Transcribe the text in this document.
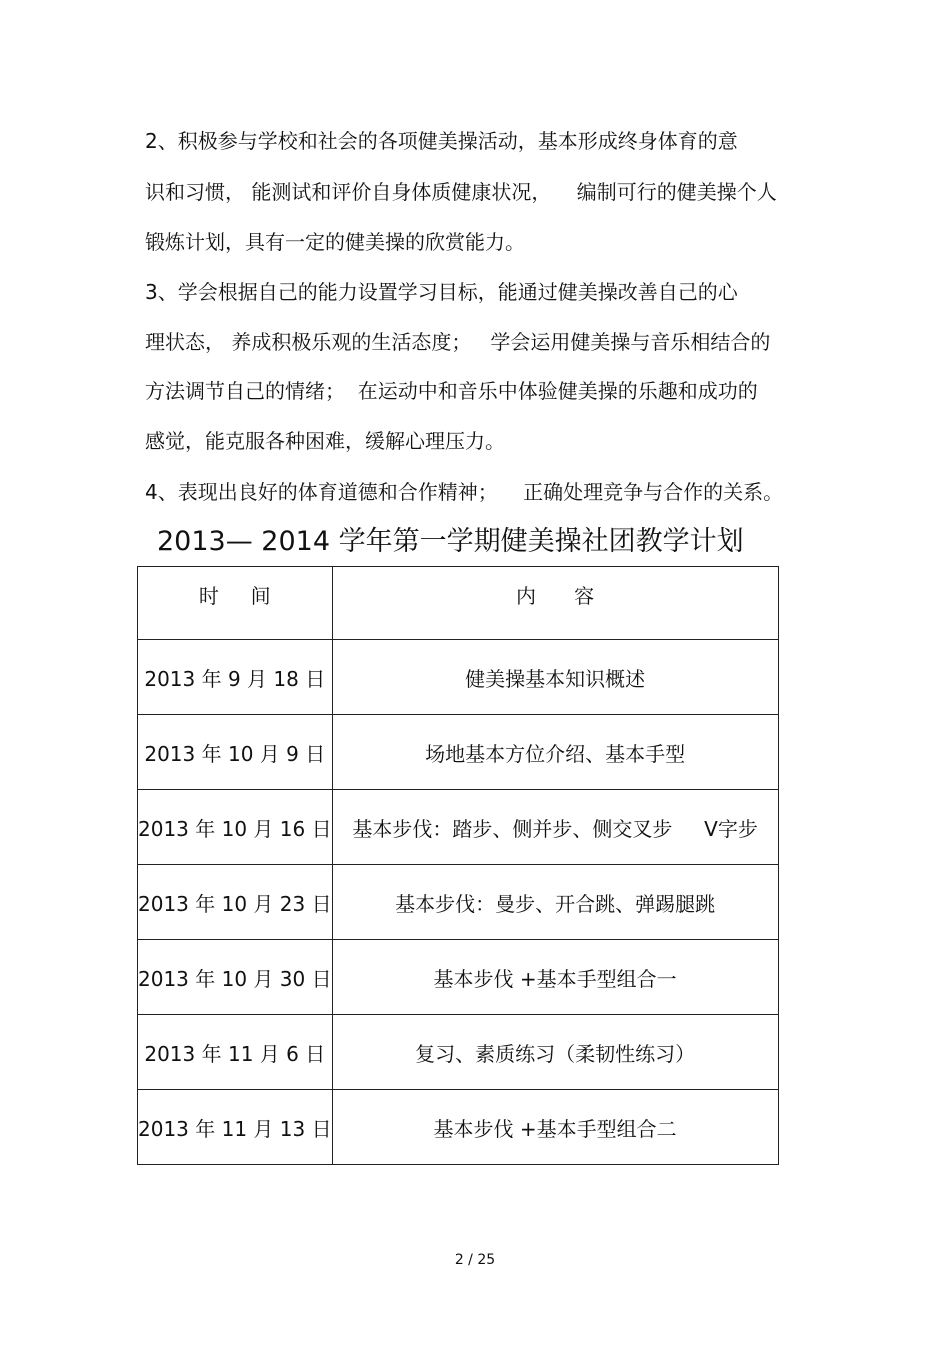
2、积极参与学校和社会的各项健美操活动，基本形成终身体育的意
识和习惯， 能测试和评价自身体质健康状况，    编制可行的健美操个人
锻炼计划，具有一定的健美操的欣赏能力。
3、学会根据自己的能力设置学习目标，能通过健美操改善自己的心
理状态， 养成积极乐观的生活态度；   学会运用健美操与音乐相结合的
方法调节自己的情绪；  在运动中和音乐中体验健美操的乐趣和成功的
感觉，能克服各种困难，缓解心理压力。
4、表现出良好的体育道德和合作精神；    正确处理竞争与合作的关系。
2013— 2014 学年第一学期健美操社团教学计划
时     间	内      容
2013 年 9 月 18 日	健美操基本知识概述
2013 年 10 月 9 日	场地基本方位介绍、基本手型
2013 年 10 月 16 日	基本步伐：踏步、侧并步、侧交叉步     V字步
2013 年 10 月 23 日	基本步伐：曼步、开合跳、弹踢腿跳
2013 年 10 月 30 日	基本步伐 +基本手型组合一
2013 年 11 月 6 日	复习、素质练习（柔韧性练习）
2013 年 11 月 13 日	基本步伐 +基本手型组合二
2 / 25
